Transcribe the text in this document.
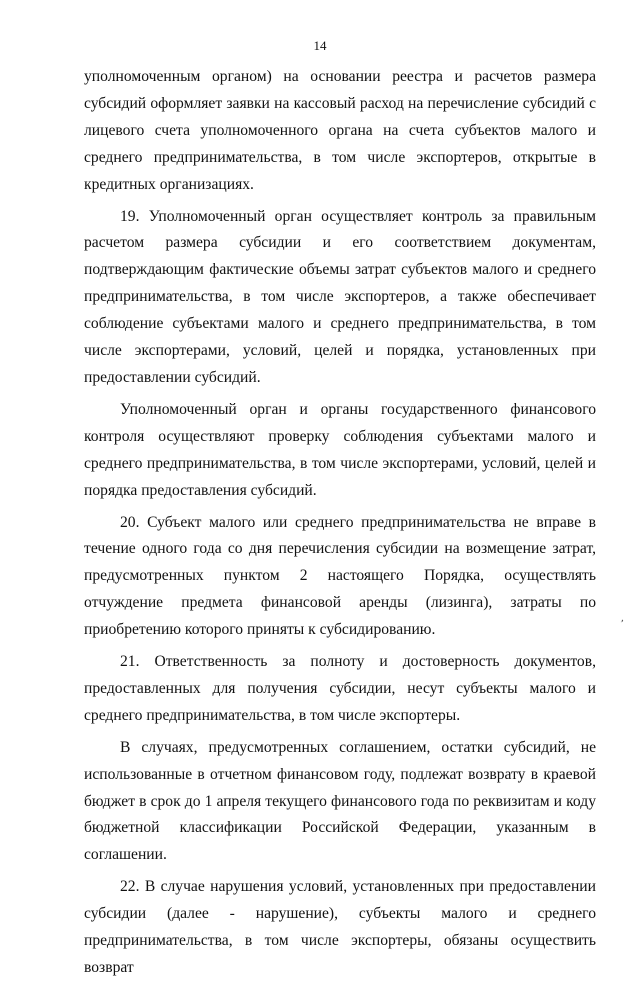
14

уполномоченным органом) на основании реестра и расчетов размера субсидий оформляет заявки на кассовый расход на перечисление субсидий с лицевого счета уполномоченного органа на счета субъектов малого и среднего предпринимательства, в том числе экспортеров, открытые в кредитных организациях.

19. Уполномоченный орган осуществляет контроль за правильным расчетом размера субсидии и его соответствием документам, подтверждающим фактические объемы затрат субъектов малого и среднего предпринимательства, в том числе экспортеров, а также обеспечивает соблюдение субъектами малого и среднего предпринимательства, в том числе экспортерами, условий, целей и порядка, установленных при предоставлении субсидий.

Уполномоченный орган и органы государственного финансового контроля осуществляют проверку соблюдения субъектами малого и среднего предпринимательства, в том числе экспортерами, условий, целей и порядка предоставления субсидий.

20. Субъект малого или среднего предпринимательства не вправе в течение одного года со дня перечисления субсидии на возмещение затрат, предусмотренных пунктом 2 настоящего Порядка, осуществлять отчуждение предмета финансовой аренды (лизинга), затраты по приобретению которого приняты к субсидированию.

21. Ответственность за полноту и достоверность документов, предоставленных для получения субсидии, несут субъекты малого и среднего предпринимательства, в том числе экспортеры.

В случаях, предусмотренных соглашением, остатки субсидий, не использованные в отчетном финансовом году, подлежат возврату в краевой бюджет в срок до 1 апреля текущего финансового года по реквизитам и коду бюджетной классификации Российской Федерации, указанным в соглашении.

22. В случае нарушения условий, установленных при предоставлении субсидии (далее - нарушение), субъекты малого и среднего предпринимательства, в том числе экспортеры, обязаны осуществить возврат

,
